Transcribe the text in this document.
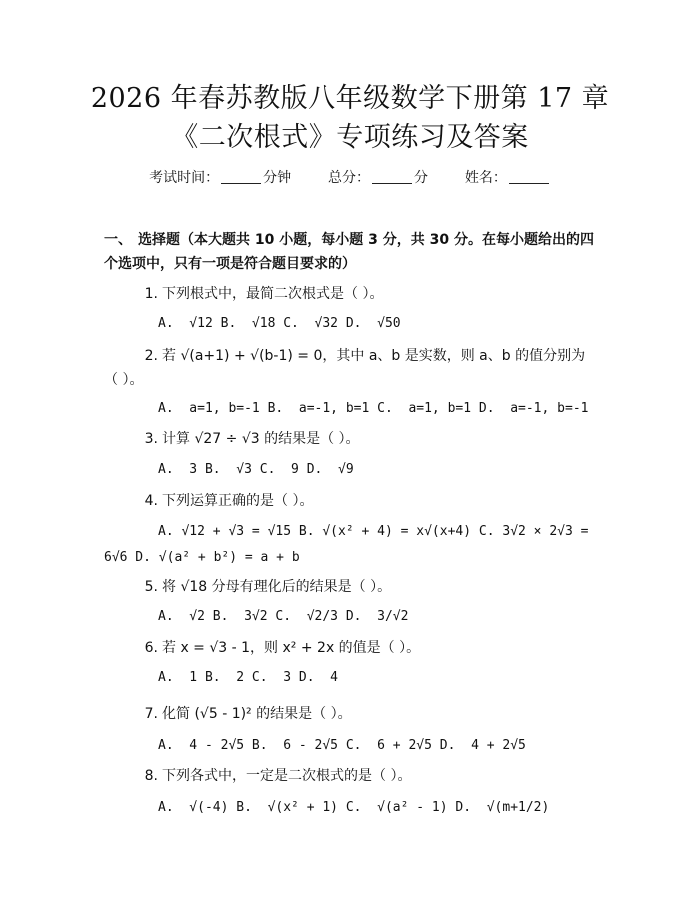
2026 年春苏教版八年级数学下册第 17 章
《二次根式》专项练习及答案
考试时间：	分钟	总分：	分	姓名：
一、 选择题（本大题共 10 小题，每小题 3 分，共 30 分。在每小题给出的四个选项中，只有一项是符合题目要求的）
1. 下列根式中，最简二次根式是（ ）。
A.  √12 B.  √18 C.  √32 D.  √50
2. 若 √(a+1) + √(b-1) = 0，其中 a、b 是实数，则 a、b 的值分别为（ ）。
A.  a=1, b=-1 B.  a=-1, b=1 C.  a=1, b=1 D.  a=-1, b=-1
3. 计算 √27 ÷ √3 的结果是（ ）。
A.  3 B.  √3 C.  9 D.  √9
4. 下列运算正确的是（ ）。
A. √12 + √3 = √15 B. √(x² + 4) = x√(x+4) C. 3√2 × 2√3 = 6√6 D. √(a² + b²) = a + b
5. 将 √18 分母有理化后的结果是（ ）。
A.  √2 B.  3√2 C.  √2/3 D.  3/√2
6. 若 x = √3 - 1，则 x² + 2x 的值是（ ）。
A.  1 B.  2 C.  3 D.  4
7. 化简 (√5 - 1)² 的结果是（ ）。
A.  4 - 2√5 B.  6 - 2√5 C.  6 + 2√5 D.  4 + 2√5
8. 下列各式中，一定是二次根式的是（ ）。
A.  √(-4) B.  √(x² + 1) C.  √(a² - 1) D.  √(m+1/2)
